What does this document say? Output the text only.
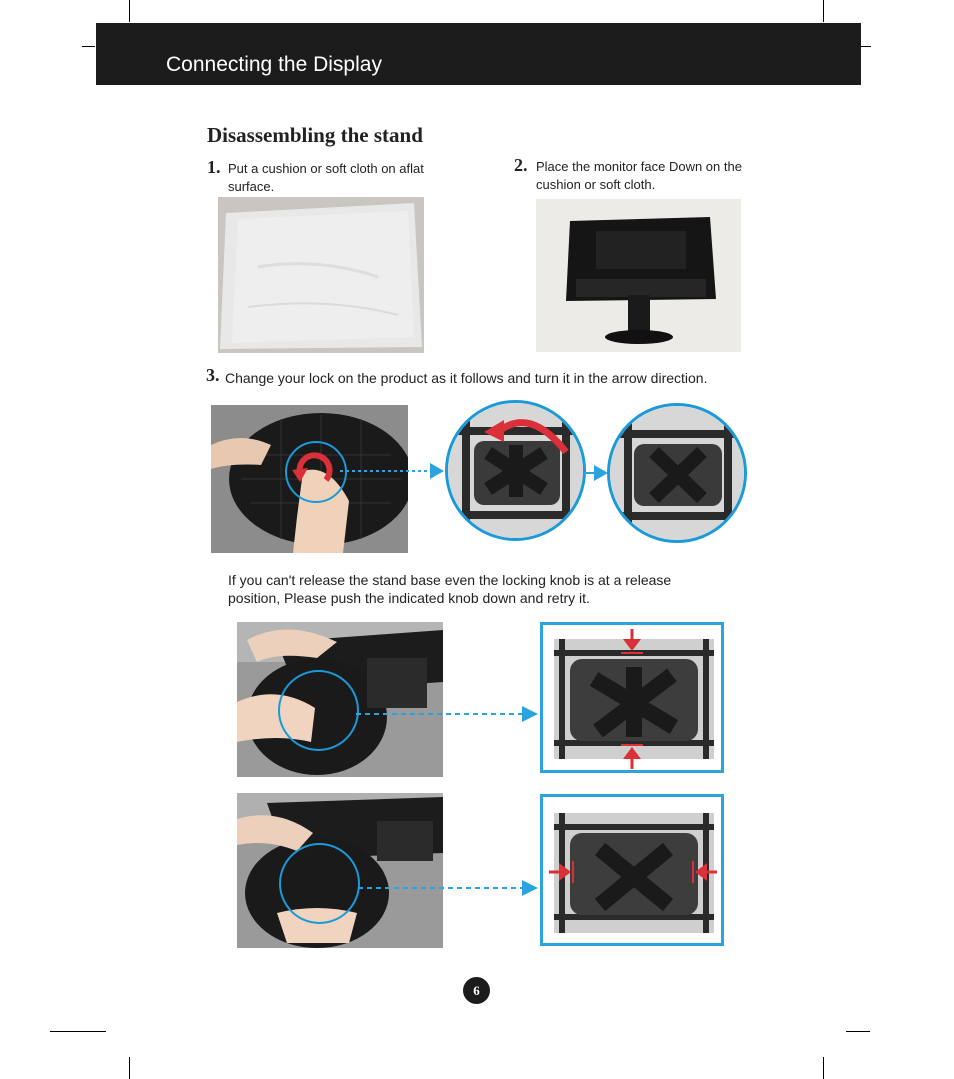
Connecting the Display
Disassembling the stand
1. Put a cushion or soft cloth on aflat
surface.
2. Place the monitor face Down on the
cushion or soft cloth.
3. Change your lock on the product as it follows and turn it in the arrow direction.
If you can't release the stand base even the locking knob is at a release
position, Please push the indicated knob down and retry it.
6
